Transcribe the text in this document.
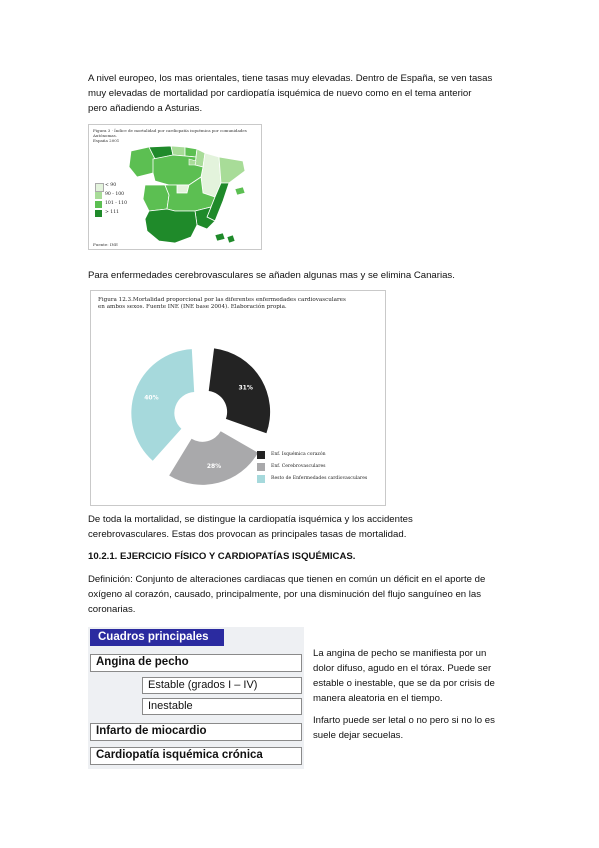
A nivel europeo, los mas orientales, tiene tasas muy elevadas. Dentro de España, se ven tasas
muy elevadas de mortalidad por cardiopatía isquémica de nuevo como en el tema anterior
pero añadiendo a Asturias.
Figura 3 · Índice de mortalidad por cardiopatía isquémica por comunidades Autónomas.
España 2001
< 90
90 - 100
101 - 110
> 111
Fuente: INE
Para enfermedades cerebrovasculares se añaden algunas mas y se elimina Canarias.
Figura 12.3.Mortalidad proporcional por las diferentes enfermedades cardiovasculares
en ambos sexos. Fuente INE (INE base 2004). Elaboración propia.
31%
28%
40%
Enf. Isquémica corazón
Enf. Cerebrovasculares
Resto de Enfermedades cardiovasculares
De toda la mortalidad, se distingue la cardiopatía isquémica y los accidentes
cerebrovasculares. Estas dos provocan as principales tasas de mortalidad.
10.2.1. EJERCICIO FÍSICO Y CARDIOPATÍAS ISQUÉMICAS.
Definición: Conjunto de alteraciones cardiacas que tienen en común un déficit en el aporte de
oxígeno al corazón, causado, principalmente, por una disminución del flujo sanguíneo en las
coronarias.
Cuadros principales
Angina de pecho
Estable (grados I – IV)
Inestable
Infarto de miocardio
Cardiopatía isquémica crónica
La angina de pecho se manifiesta por un
dolor difuso, agudo en el tórax. Puede ser
estable o inestable, que se da por crisis de
manera aleatoria en el tiempo.
Infarto puede ser letal o no pero si no lo es
suele dejar secuelas.
